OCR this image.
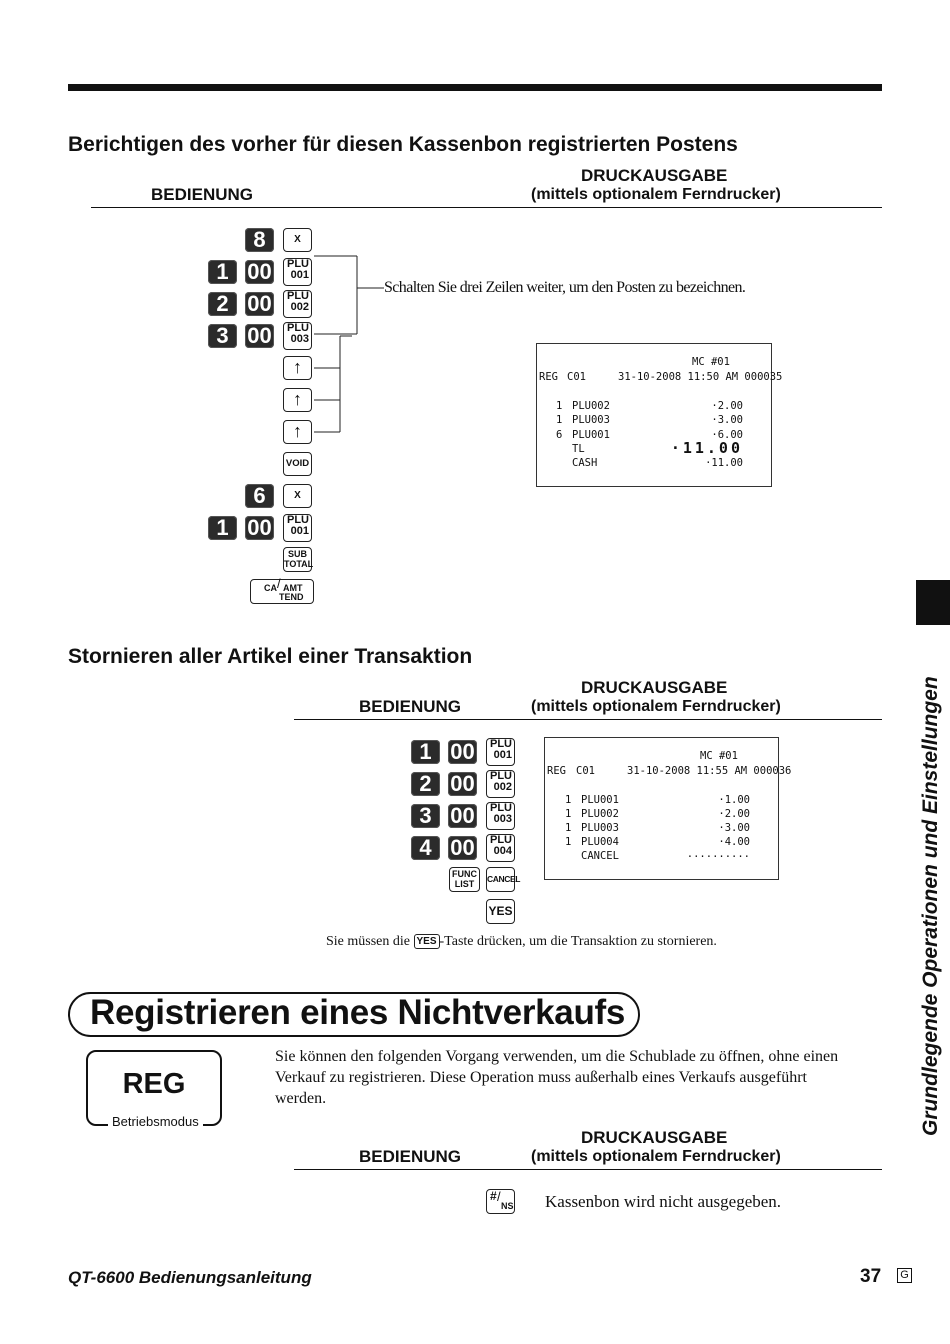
Berichtigen des vorher für diesen Kassenbon registrierten Postens
DRUCKAUSGABE
BEDIENUNG	(mittels optionalem Ferndrucker)
8	X
1 00 PLU
001
2 00 PLU
002
3 00 PLU
003
↑
↑
↑
VOID
6	X
1 00 PLU
001
SUB
TOTAL
CA / AMT
TEND
Schalten Sie drei Zeilen weiter, um den Posten zu bezeichnen.
MC #01
REG C01	31-10-2008 11:50 AM 000035
1 PLU002	·2.00
1 PLU003	·3.00
6 PLU001	·6.00
TL	·11.00
CASH	·11.00
Stornieren aller Artikel einer Transaktion
DRUCKAUSGABE
BEDIENUNG	(mittels optionalem Ferndrucker)
1 00 PLU
001
2 00 PLU
002
3 00 PLU
003
4 00 PLU
004
FUNC
LIST	CANCEL
YES
MC #01
REG C01	31-10-2008 11:55 AM 000036
1 PLU001	·1.00
1 PLU002	·2.00
1 PLU003	·3.00
1 PLU004	·4.00
CANCEL	..........
Sie müssen die YES -Taste drücken, um die Transaktion zu stornieren.
Registrieren eines Nichtverkaufs
REG
Betriebsmodus
Sie können den folgenden Vorgang verwenden, um die Schublade zu öffnen, ohne einen
Verkauf zu registrieren. Diese Operation muss außerhalb eines Verkaufs ausgeführt
werden.
DRUCKAUSGABE
BEDIENUNG	(mittels optionalem Ferndrucker)
# /
NS Kassenbon wird nicht ausgegeben.
Grundlegende Operationen und Einstellungen
QT-6600 Bedienungsanleitung	37 G
